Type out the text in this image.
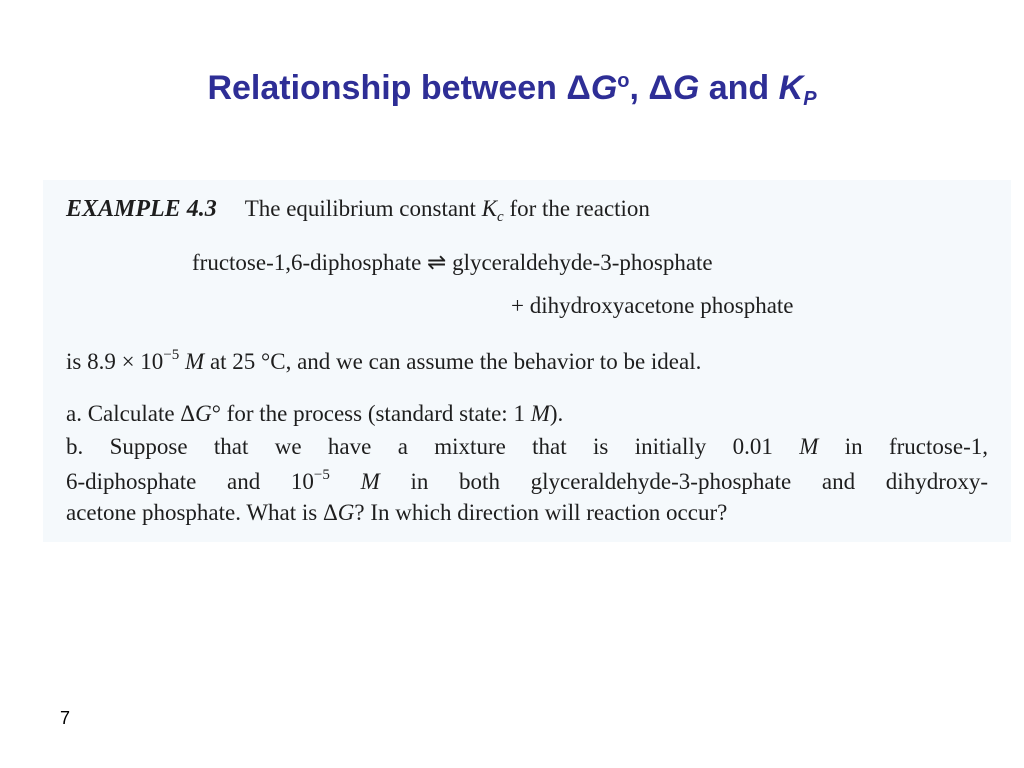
Relationship between $\Delta G^o$, ΔG and $K_P$
EXAMPLE 4.3 The equilibrium constant $K_c$ for the reaction
fructose-1,6-diphosphate ⇌ glyceraldehyde-3-phosphate
+ dihydroxyacetone phosphate
is $8.9 \times 10^{-5}$ M at 25 °C, and we can assume the behavior to be ideal.
a. Calculate ΔG° for the process (standard state: 1 M).
b. Suppose that we have a mixture that is initially 0.01 M in fructose-1,
6-diphosphate and $10^{-5}$ M in both glyceraldehyde-3-phosphate and dihydroxy-
acetone phosphate. What is ΔG? In which direction will reaction occur?
7
